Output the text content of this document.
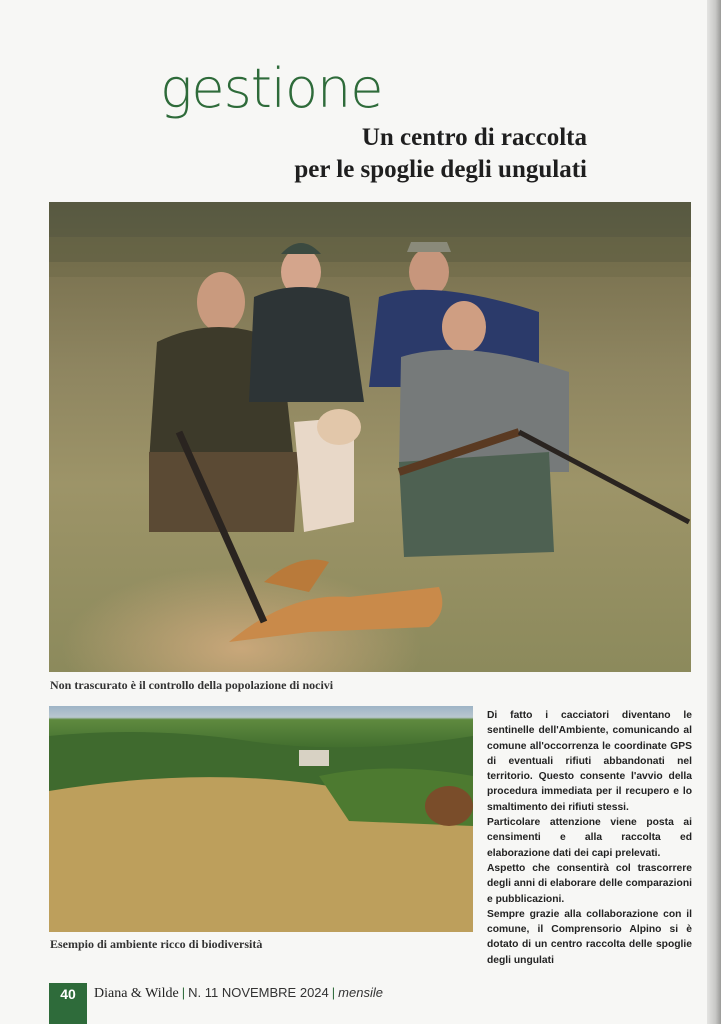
gestione
Un centro di raccolta
per le spoglie degli ungulati
Non trascurato è il controllo della popolazione di nocivi
Esempio di ambiente ricco di biodiversità

Di fatto i cacciatori diventano le sentinelle dell'Ambiente, comunicando al comune all'occorrenza le coordinate GPS di eventuali rifiuti abbandonati nel territorio. Questo consente l'avvio della procedura immediata per il recupero e lo smaltimento dei rifiuti stessi.

Particolare attenzione viene posta ai censimenti e alla raccolta ed elaborazione dati dei capi prelevati.

Aspetto che consentirà col trascorrere degli anni di elaborare delle comparazioni e pubblicazioni.

Sempre grazie alla collaborazione con il comune, il Comprensorio Alpino si è dotato di un centro raccolta delle spoglie degli ungulati

40	Diana & Wilde | N. 11 NOVEMBRE 2024 | mensile
